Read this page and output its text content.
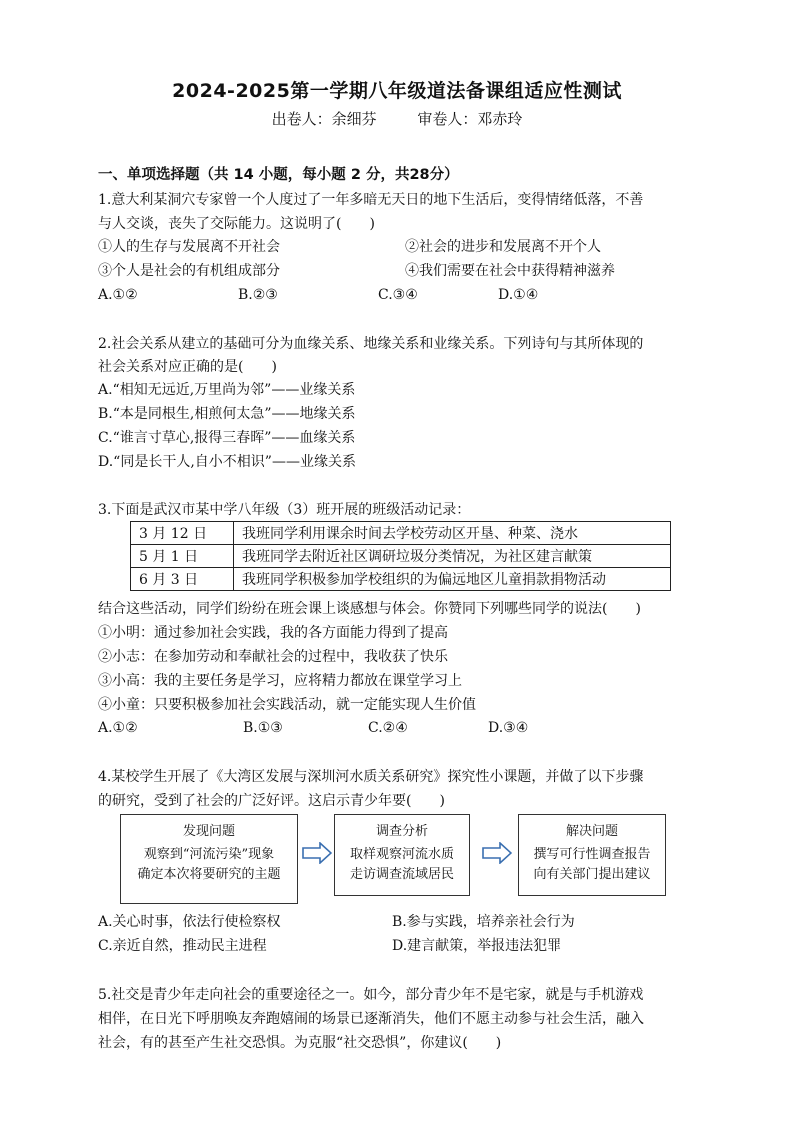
2024-2025第一学期八年级道法备课组适应性测试
出卷人：余细芬	审卷人：邓赤玲
一、单项选择题（共 14 小题，每小题 2 分，共28分）
1.意大利某洞穴专家曾一个人度过了一年多暗无天日的地下生活后，变得情绪低落，不善
与人交谈，丧失了交际能力。这说明了(　　)
①人的生存与发展离不开社会	②社会的进步和发展离不开个人
③个人是社会的有机组成部分	④我们需要在社会中获得精神滋养
A.①②	B.②③	C.③④	D.①④
2.社会关系从建立的基础可分为血缘关系、地缘关系和业缘关系。下列诗句与其所体现的
社会关系对应正确的是(　　)
A.“相知无远近,万里尚为邻”——业缘关系
B.“本是同根生,相煎何太急”——地缘关系
C.“谁言寸草心,报得三春晖”——血缘关系
D.“同是长干人,自小不相识”——业缘关系
3.下面是武汉市某中学八年级（3）班开展的班级活动记录：
3 月 12 日	我班同学利用课余时间去学校劳动区开垦、种菜、浇水
5 月 1 日	我班同学去附近社区调研垃圾分类情况，为社区建言献策
6 月 3 日	我班同学积极参加学校组织的为偏远地区儿童捐款捐物活动
结合这些活动，同学们纷纷在班会课上谈感想与体会。你赞同下列哪些同学的说法(　　)
①小明：通过参加社会实践，我的各方面能力得到了提高
②小志：在参加劳动和奉献社会的过程中，我收获了快乐
③小高：我的主要任务是学习，应将精力都放在课堂学习上
④小童：只要积极参加社会实践活动，就一定能实现人生价值
A.①②	B.①③	C.②④	D.③④
4.某校学生开展了《大湾区发展与深圳河水质关系研究》探究性小课题，并做了以下步骤
的研究，受到了社会的广泛好评。这启示青少年要(　　)
发现问题
观察到“河流污染”现象
确定本次将要研究的主题
调查分析
取样观察河流水质
走访调查流域居民
解决问题
撰写可行性调查报告
向有关部门提出建议
A.关心时事，依法行使检察权	B.参与实践，培养亲社会行为
C.亲近自然，推动民主进程	D.建言献策，举报违法犯罪
5.社交是青少年走向社会的重要途径之一。如今，部分青少年不是宅家，就是与手机游戏
相伴，在日光下呼朋唤友奔跑嬉闹的场景已逐渐消失，他们不愿主动参与社会生活，融入
社会，有的甚至产生社交恐惧。为克服“社交恐惧”，你建议(　　)
